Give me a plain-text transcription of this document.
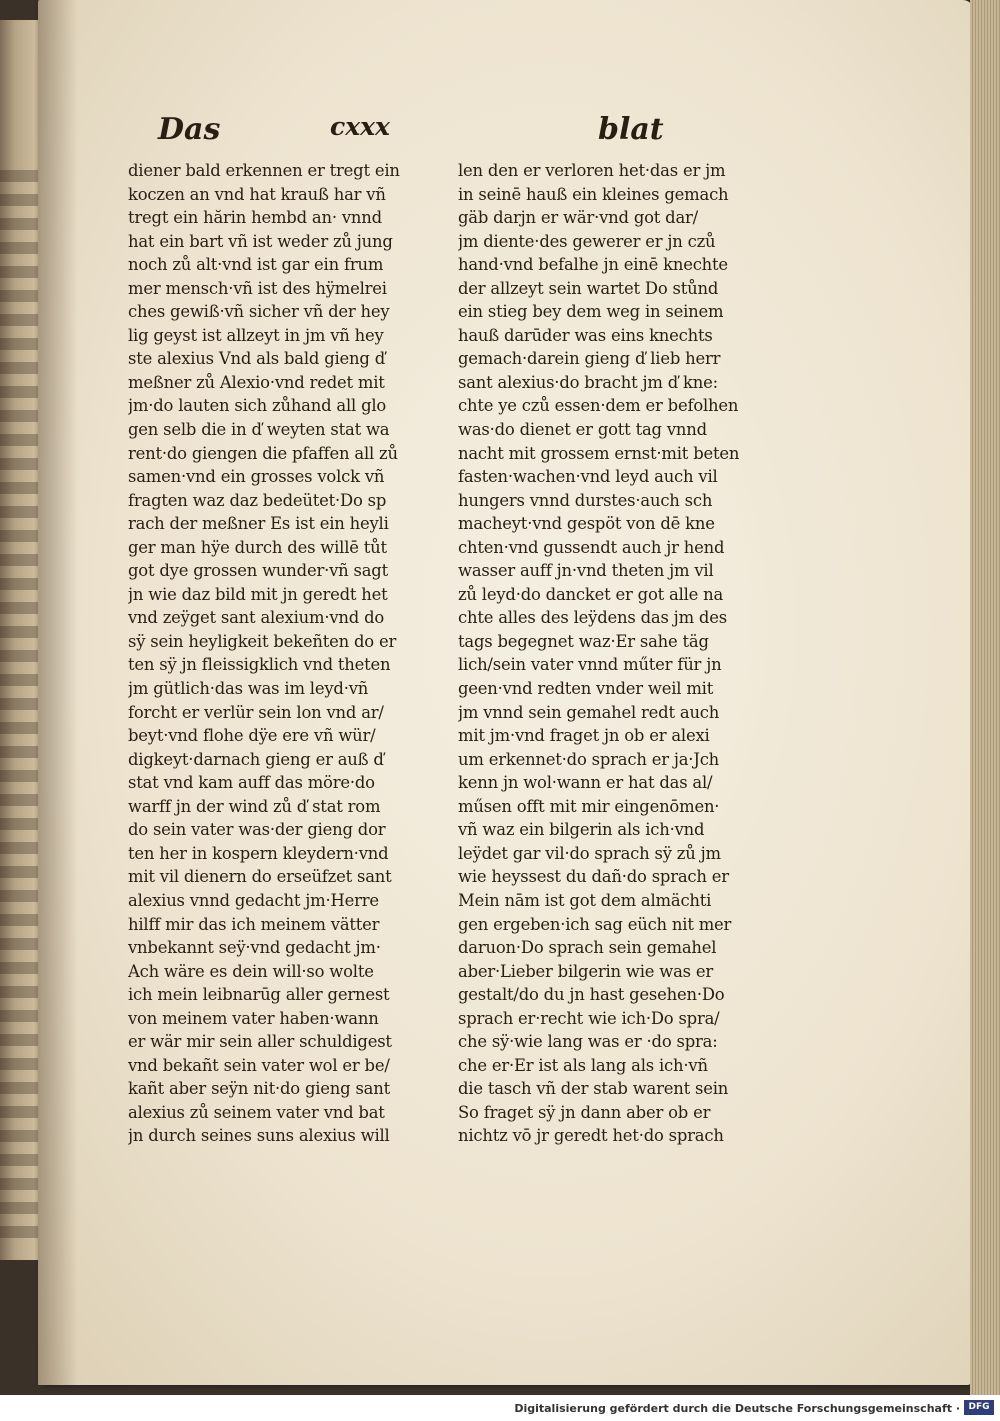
Das	cxxx	blat
diener bald erkennen er tregt ein
koczen an vnd hat krauß har vñ
tregt ein hărin hembd an· vnnd
hat ein bart vñ ist weder zů jung
noch zů alt·vnd ist gar ein frum
mer mensch·vñ ist des hÿmelrei
ches gewiß·vñ sicher vñ der hey
lig geyst ist allzeyt in jm vñ hey
ste alexius Vnd als bald gieng ď
meßner zů Alexio·vnd redet mit
jm·do lauten sich zůhand all glo
gen selb die in ď weyten stat wa
rent·do giengen die pfaffen all zů
samen·vnd ein grosses volck vñ
fragten waz daz bedeütet·Do sp
rach der meßner Es ist ein heyli
ger man hÿe durch des willē tůt
got dye grossen wunder·vñ sagt
jn wie daz bild mit jn geredt het
vnd zeÿget sant alexium·vnd do
sÿ sein heyligkeit bekeñten do er
ten sÿ jn fleissigklich vnd theten
jm gütlich·das was im leyd·vñ
forcht er verlür sein lon vnd ar/
beyt·vnd flohe dÿe ere vñ wür/
digkeyt·darnach gieng er auß ď
stat vnd kam auff das möre·do
warff jn der wind zů ď stat rom
do sein vater was·der gieng dor
ten her in kospern kleydern·vnd
mit vil dienern do erseüfzet sant
alexius vnnd gedacht jm·Herre
hilff mir das ich meinem vätter
vnbekannt seÿ·vnd gedacht jm·
Ach wäre es dein will·so wolte
ich mein leibnarūg aller gernest
von meinem vater haben·wann
er wär mir sein aller schuldigest
vnd bekañt sein vater wol er be/
kañt aber seÿn nit·do gieng sant
alexius zů seinem vater vnd bat
jn durch seines suns alexius will
len den er verloren het·das er jm
in seinē hauß ein kleines gemach
gäb darjn er wär·vnd got dar/
jm diente·des gewerer er jn czů
hand·vnd befalhe jn einē knechte
der allzeyt sein wartet Do stůnd
ein stieg bey dem weg in seinem
hauß darūder was eins knechts
gemach·darein gieng ď lieb herr
sant alexius·do bracht jm ď kne:
chte ye czů essen·dem er befolhen
was·do dienet er gott tag vnnd
nacht mit grossem ernst·mit beten
fasten·wachen·vnd leyd auch vil
hungers vnnd durstes·auch sch
macheyt·vnd gespöt von dē kne
chten·vnd gussendt auch jr hend
wasser auff jn·vnd theten jm vil
zů leyd·do dancket er got alle na
chte alles des leÿdens das jm des
tags begegnet waz·Er sahe täg
lich/sein vater vnnd műter für jn
geen·vnd redten vnder weil mit
jm vnnd sein gemahel redt auch
mit jm·vnd fraget jn ob er alexi
um erkennet·do sprach er ja·Jch
kenn jn wol·wann er hat das al/
műsen offt mit mir eingenōmen·
vñ waz ein bilgerin als ich·vnd
leÿdet gar vil·do sprach sÿ zů jm
wie heyssest du dañ·do sprach er
Mein nām ist got dem almächti
gen ergeben·ich sag eüch nit mer
daruon·Do sprach sein gemahel
aber·Lieber bilgerin wie was er
gestalt/do du jn hast gesehen·Do
sprach er·recht wie ich·Do spra/
che sÿ·wie lang was er ·do spra:
che er·Er ist als lang als ich·vñ
die tasch vñ der stab warent sein
So fraget sÿ jn dann aber ob er
nichtz vō jr geredt het·do sprach
Digitalisierung gefördert durch die Deutsche Forschungsgemeinschaft · DFG
